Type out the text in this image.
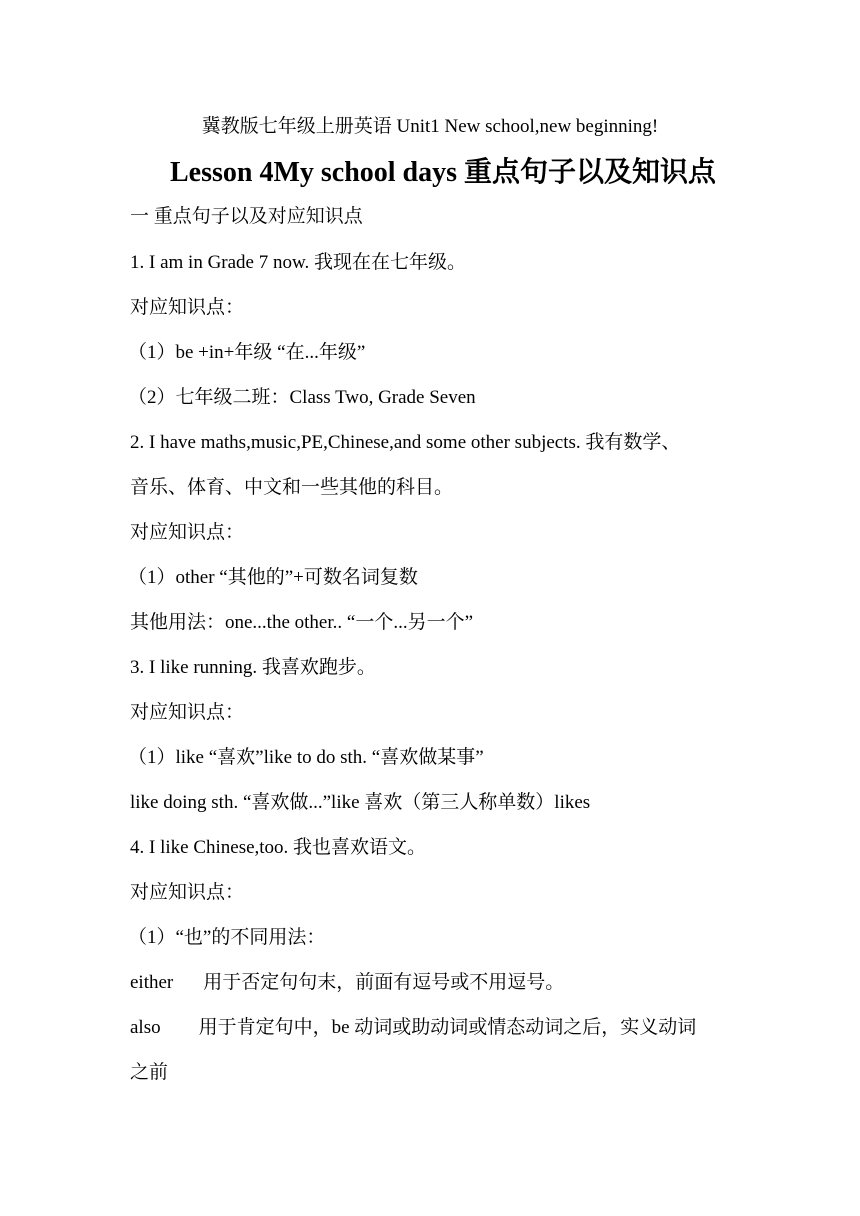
冀教版七年级上册英语 Unit1 New school,new beginning!
Lesson 4My school days 重点句子以及知识点
一 重点句子以及对应知识点
1. I am in Grade 7 now. 我现在在七年级。
对应知识点：
（1）be +in+年级 “在...年级”
（2）七年级二班：Class Two, Grade Seven
2. I have maths,music,PE,Chinese,and some other subjects. 我有数学、
音乐、体育、中文和一些其他的科目。
对应知识点：
（1）other “其他的”+可数名词复数
其他用法：one...the other.. “一个...另一个”
3. I like running. 我喜欢跑步。
对应知识点：
（1）like “喜欢”like to do sth. “喜欢做某事”
like doing sth. “喜欢做...”like 喜欢（第三人称单数）likes
4. I like Chinese,too. 我也喜欢语文。
对应知识点：
（1）“也”的不同用法：
either 用于否定句句末，前面有逗号或不用逗号。
also 用于肯定句中，be 动词或助动词或情态动词之后，实义动词
之前
